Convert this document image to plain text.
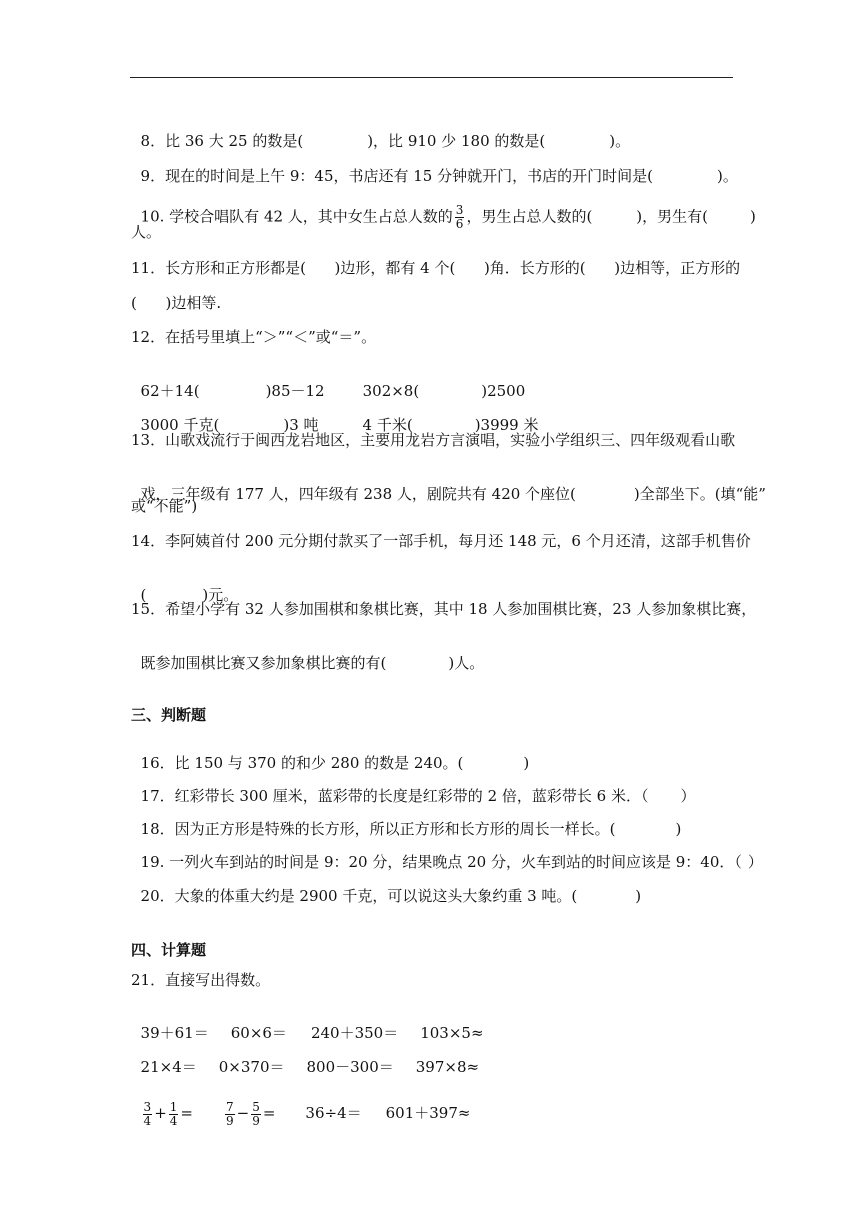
8．比 36 大 25 的数是(	)，比 910 少 180 的数是(	)。

9．现在的时间是上午 9：45，书店还有 15 分钟就开门，书店的开门时间是(	)。

10. 学校合唱队有 42 人，其中女生占总人数的 $\frac{3}{6}$ ，男生占总人数的(	)，男生有(	)

人。
11．长方形和正方形都是(      )边形，都有 4 个(      )角．长方形的(      )边相等，正方形的
(      )边相等.
12．在括号里填上“＞”“＜”或“＝”。

62＋14(	)85－12	302×8(	)2500

3000 千克(	)3 吨	4 千米(	)3999 米

13．山歌戏流行于闽西龙岩地区，主要用龙岩方言演唱，实验小学组织三、四年级观看山歌

戏，三年级有 177 人，四年级有 238 人，剧院共有 420 个座位(	)全部坐下。(填“能”

或“不能”)
14．李阿姨首付 200 元分期付款买了一部手机，每月还 148 元，6 个月还清，这部手机售价

(	)元。

15．希望小学有 32 人参加围棋和象棋比赛，其中 18 人参加围棋比赛，23 人参加象棋比赛，

既参加围棋比赛又参加象棋比赛的有(	)人。

三、判断题

16．比 150 与 370 的和少 280 的数是 240。(	)

17．红彩带长 300 厘米，蓝彩带的长度是红彩带的 2 倍，蓝彩带长 6 米．（ ）

18．因为正方形是特殊的长方形，所以正方形和长方形的周长一样长。(	)

19. 一列火车到站的时间是 9：20 分，结果晚点 20 分，火车到站的时间应该是 9：40．（ ）

20．大象的体重大约是 2900 千克，可以说这头大象约重 3 吨。(	)

四、计算题
21．直接写出得数。

39＋61＝ 60×6＝ 240＋350＝ 103×5≈

21×4＝ 0×370＝ 800－300＝ 397×8≈

$\frac{3}{4} + \frac{1}{4}$ =	$\frac{7}{9} - \frac{5}{9} = 36\div 4= 601+397\approx$
